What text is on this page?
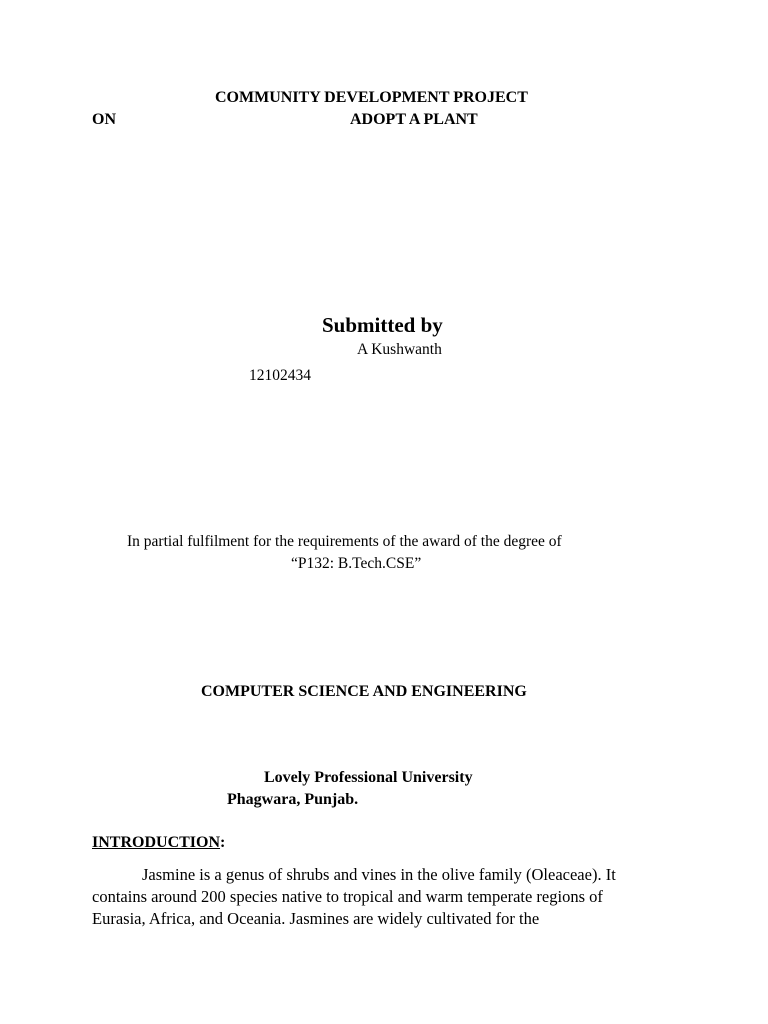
COMMUNITY DEVELOPMENT PROJECT
ON	ADOPT A PLANT
Submitted by
A Kushwanth
12102434
In partial fulfilment for the requirements of the award of the degree of
“P132: B.Tech.CSE”
COMPUTER SCIENCE AND ENGINEERING
Lovely Professional University
Phagwara, Punjab.
INTRODUCTION:
Jasmine is a genus of shrubs and vines in the olive family (Oleaceae). It
contains around 200 species native to tropical and warm temperate regions of
Eurasia, Africa, and Oceania. Jasmines are widely cultivated for the
